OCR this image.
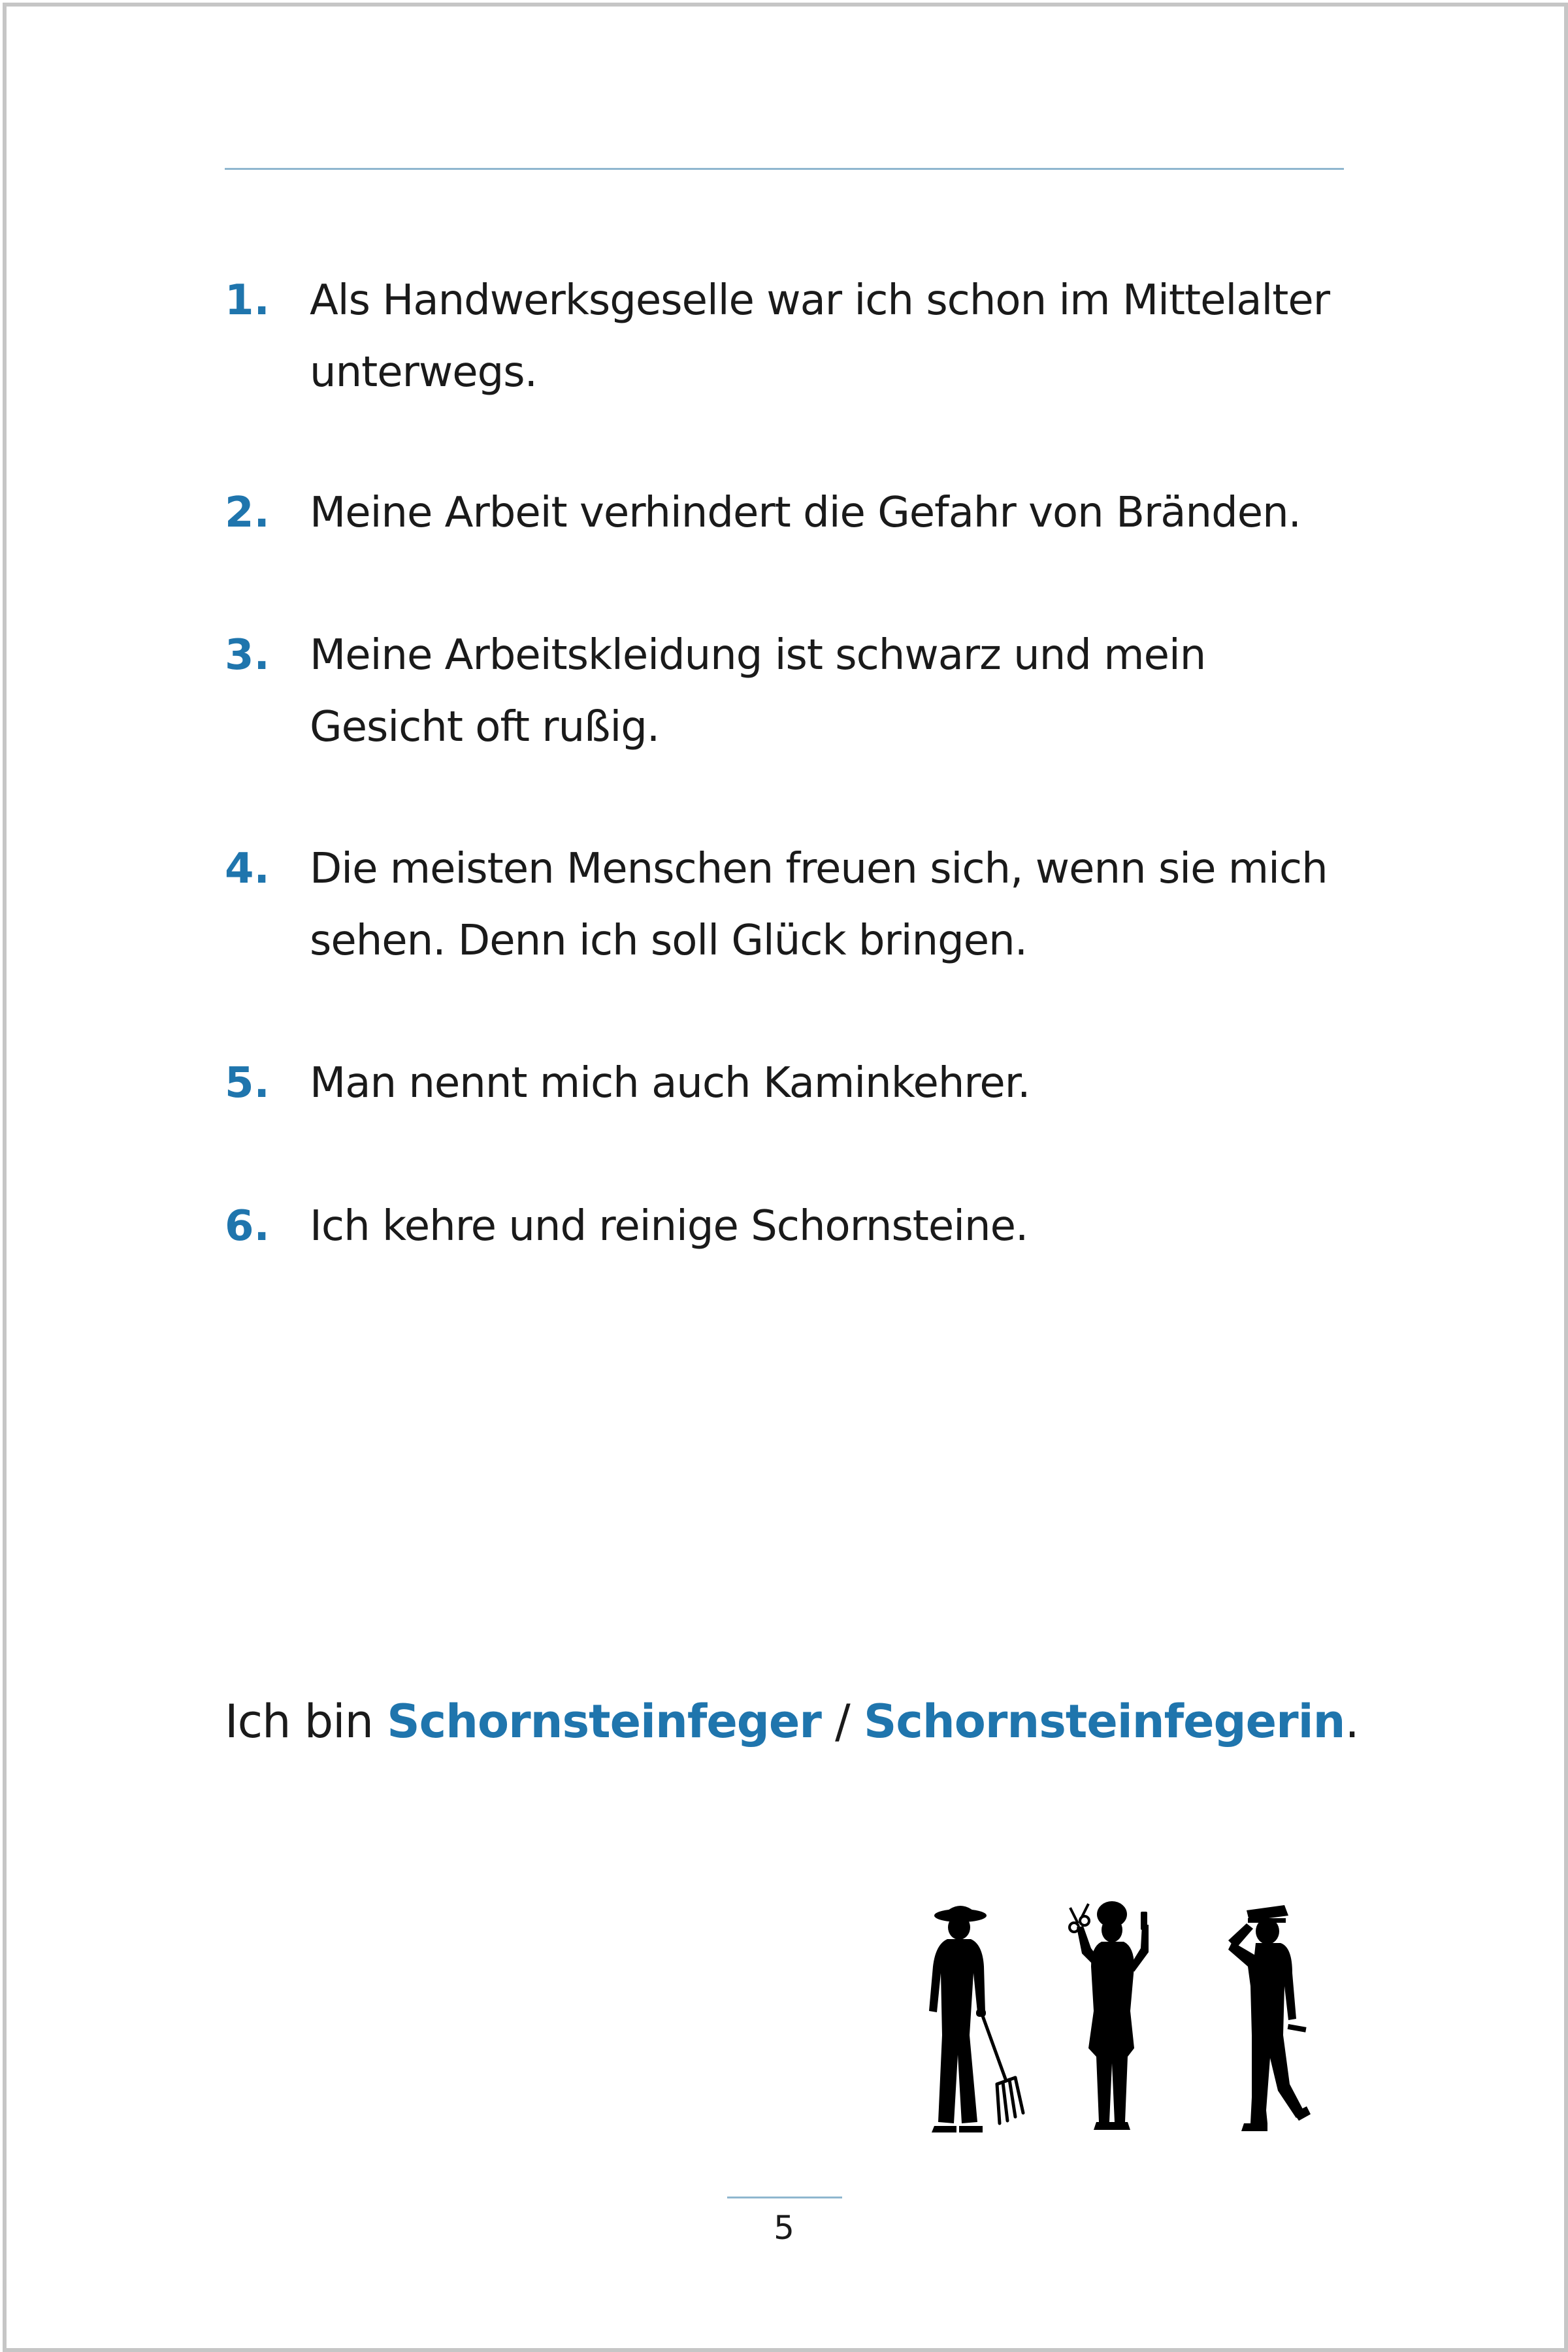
1. Als Handwerksgeselle war ich schon im Mittelalter
unterwegs.
2. Meine Arbeit verhindert die Gefahr von Bränden.
3. Meine Arbeitskleidung ist schwarz und mein
Gesicht oft rußig.
4. Die meisten Menschen freuen sich, wenn sie mich
sehen. Denn ich soll Glück bringen.
5. Man nennt mich auch Kaminkehrer.
6. Ich kehre und reinige Schornsteine.
Ich bin Schornsteinfeger / Schornsteinfegerin.
5
